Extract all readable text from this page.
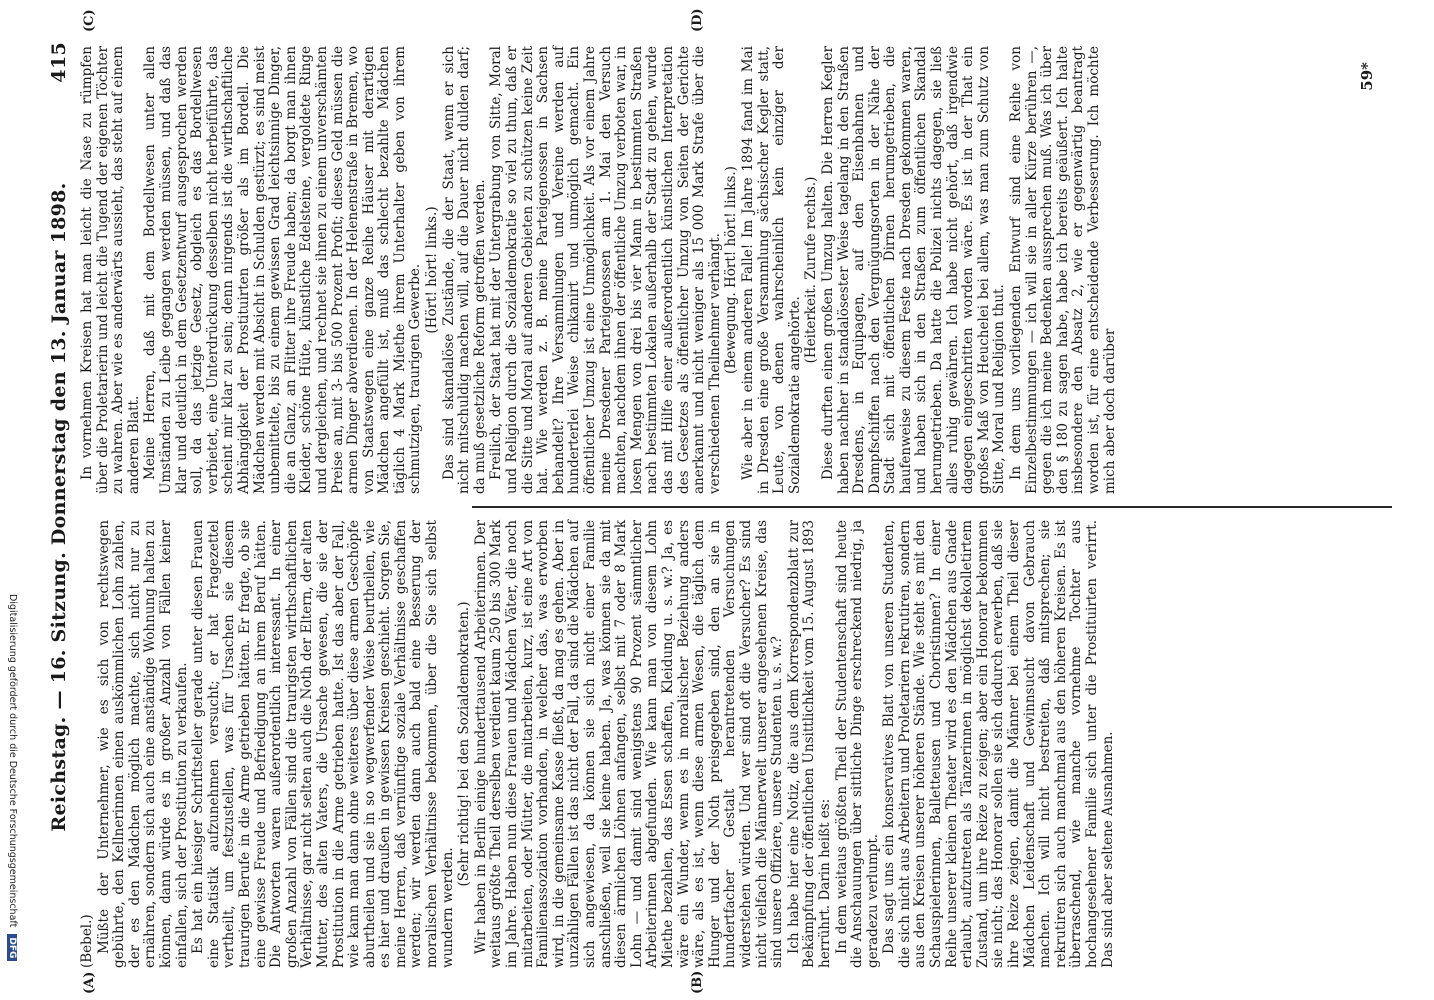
Reichstag. — 16. Sitzung. Donnerstag den 13. Januar 1898.
415
(A)	(B)
(C)	(D)

(Bebel.) Müßte der Unternehmer, wie es sich von rechtswegen gebührte, den Kellnerinnen einen auskömmlichen Lohn zahlen, der es den Mädchen möglich machte, sich nicht nur zu ernähren, sondern sich auch eine anständige Wohnung halten zu können, dann würde es in großer Anzahl von Fällen keiner einfallen, sich der Prostitution zu verkaufen. Es hat ein hiesiger Schriftsteller gerade unter diesen Frauen eine Statistik aufzunehmen versucht; er hat Fragezettel vertheilt, um festzustellen, was für Ursachen sie diesem traurigen Berufe in die Arme getrieben hätten. Er fragte, ob sie eine gewisse Freude und Befriedigung an ihrem Beruf hätten. Die Antworten waren außerordentlich interessant. In einer großen Anzahl von Fällen sind die traurigsten wirthschaftlichen Verhältnisse, gar nicht selten auch die Noth der Eltern, der alten Mutter, des alten Vaters, die Ursache gewesen, die sie der Prostitution in die Arme getrieben hatte. Ist das aber der Fall, wie kann man dann ohne weiteres über diese armen Geschöpfe aburtheilen und sie in so wegwerfender Weise beurtheilen, wie es hier und draußen in gewissen Kreisen geschieht. Sorgen Sie, meine Herren, daß vernünftige soziale Verhältnisse geschaffen werden; wir werden dann auch bald eine Besserung der moralischen Verhältnisse bekommen, über die Sie sich selbst wundern werden.

(Sehr richtig! bei den Sozialdemokraten.) Wir haben in Berlin einige hunderttausend Arbeiterinnen. Der weitaus größte Theil derselben verdient kaum 250 bis 300 Mark im Jahre. Haben nun diese Frauen und Mädchen Väter, die noch mitarbeiten, oder Mütter, die mitarbeiten, kurz, ist eine Art von Familienassoziation vorhanden, in welcher das, was erworben wird, in die gemeinsame Kasse fließt, da mag es gehen. Aber in unzähligen Fällen ist das nicht der Fall, da sind die Mädchen auf sich angewiesen, da können sie sich nicht einer Familie anschließen, weil sie keine haben. Ja, was können sie da mit diesen ärmlichen Löhnen anfangen, selbst mit 7 oder 8 Mark Lohn — und damit sind wenigstens 90 Prozent sämmtlicher Arbeiterinnen abgefunden. Wie kann man von diesem Lohn Miethe bezahlen, das Essen schaffen, Kleidung u. s. w.? Ja, es wäre ein Wunder, wenn es in moralischer Beziehung anders wäre, als es ist, wenn diese armen Wesen, die täglich dem Hunger und der Noth preisgegeben sind, den an sie in hundertfacher Gestalt herantretenden Versuchungen widerstehen würden. Und wer sind oft die Versucher? Es sind nicht vielfach die Männerwelt unserer angesehenen Kreise, das sind unsere Offiziere, unsere Studenten u. s. w.? Ich habe hier eine Notiz, die aus dem Korrespondenzblatt zur Bekämpfung der öffentlichen Unsittlichkeit vom 15. August 1893 herrührt. Darin heißt es: In dem weitaus größten Theil der Studentenschaft sind heute die Anschauungen über sittliche Dinge erschreckend niedrig, ja geradezu verlumpt. Das sagt uns ein konservatives Blatt von unseren Studenten, die sich nicht aus Arbeitern und Proletariern rekrutiren, sondern aus den Kreisen unserer höheren Stände. Wie steht es mit den Schauspielerinnen, Balletteusen und Choristinnen? In einer Reihe unserer kleinen Theater wird es den Mädchen aus Gnade erlaubt, aufzutreten als Tänzerinnen in möglichst dekolletirtem Zustand, um ihre Reize zu zeigen; aber ein Honorar bekommen sie nicht; das Honorar sollen sie sich dadurch erwerben, daß sie ihre Reize zeigen, damit die Männer bei einem Theil dieser Mädchen Leidenschaft und Gewinnsucht davon Gebrauch machen. Ich will nicht bestreiten, daß mitsprechen; sie rekrutiren sich auch manchmal aus den höheren Kreisen. Es ist überraschend, wie manche vornehme Tochter aus hochangesehener Familie sich unter die Prostituirten verirrt. Das sind aber seltene Ausnahmen.

In vornehmen Kreisen hat man leicht die Nase zu rümpfen über die Proletarierin und leicht die Tugend der eigenen Töchter zu wahren. Aber wie es anderwärts aussieht, das steht auf einem anderen Blatt. Meine Herren, daß mit dem Bordellwesen unter allen Umständen zu Leibe gegangen werden müssen, und daß das klar und deutlich in dem Gesetzentwurf ausgesprochen werden soll, da das jetzige Gesetz, obgleich es das Bordellwesen verbietet, eine Unterdrückung desselben nicht herbeiführte, das scheint mir klar zu sein; denn nirgends ist die wirthschaftliche Abhängigkeit der Prostituirten größer als im Bordell. Die Mädchen werden mit Absicht in Schulden gestürzt; es sind meist unbemittelte, bis zu einem gewissen Grad leichtsinnige Dinger, die an Glanz, an Flitter ihre Freude haben; da borgt man ihnen Kleider, schöne Hüte, künstliche Edelsteine, vergoldete Ringe und dergleichen, und rechnet sie ihnen zu einem unverschämten Preise an, mit 3- bis 500 Prozent Profit; dieses Geld müssen die armen Dinger abverdienen. In der Helenenstraße in Bremen, wo von Staatswegen eine ganze Reihe Häuser mit derartigen Mädchen angefüllt ist, muß das schlecht bezahlte Mädchen täglich 4 Mark Miethe ihrem Unterhalter geben von ihrem schmutzigen, traurigen Gewerbe. (Hört! hört! links.) Das sind skandalöse Zustände, die der Staat, wenn er sich nicht mitschuldig machen will, auf die Dauer nicht dulden darf; da muß gesetzliche Reform getroffen werden. Freilich, der Staat hat mit der Untergrabung von Sitte, Moral und Religion durch die Sozialdemokratie so viel zu thun, daß er die Sitte und Moral auf anderen Gebieten zu schützen keine Zeit hat. Wie werden z. B. meine Parteigenossen in Sachsen behandelt? Ihre Versammlungen und Vereine werden auf hunderterlei Weise chikanirt und unmöglich gemacht. Ein öffentlicher Umzug ist eine Unmöglichkeit. Als vor einem Jahre meine Dresdener Parteigenossen am 1. Mai den Versuch machten, nachdem ihnen der öffentliche Umzug verboten war, in losen Mengen von drei bis vier Mann in bestimmten Straßen nach bestimmten Lokalen außerhalb der Stadt zu gehen, wurde das mit Hilfe einer außerordentlich künstlichen Interpretation des Gesetzes als öffentlicher Umzug von Seiten der Gerichte anerkannt und nicht weniger als 15 000 Mark Strafe über die verschiedenen Theilnehmer verhängt. (Bewegung. Hört! hört! links.) Wie aber in einem anderen Falle! Im Jahre 1894 fand im Mai in Dresden eine große Versammlung sächsischer Kegler statt, Leute, von denen wahrscheinlich kein einziger der Sozialdemokratie angehörte.

(Heiterkeit. Zurufe rechts.) Diese durften einen großen Umzug halten. Die Herren Kegler haben nachher in standalösester Weise tagelang in den Straßen Dresdens, in Equipagen, auf den Eisenbahnen und Dampfschiffen nach den Vergnügungsorten in der Nähe der Stadt sich mit öffentlichen Dirnen herumgetrieben, die haufenweise zu diesem Feste nach Dresden gekommen waren, und haben sich in den Straßen zum öffentlichen Skandal herumgetrieben. Da hatte die Polizei nichts dagegen, sie ließ alles ruhig gewähren. Ich habe nicht gehört, daß irgendwie dagegen eingeschritten worden wäre. Es ist in der That ein großes Maß von Heuchelei bei allem, was man zum Schutz von Sitte, Moral und Religion thut. In dem uns vorliegenden Entwurf sind eine Reihe von Einzelbestimmungen — ich will sie in aller Kürze berühren —, gegen die ich meine Bedenken aussprechen muß. Was ich über den § 180 zu sagen habe, habe ich bereits geäußert. Ich halte insbesondere den Absatz 2, wie er gegenwärtig beantragt worden ist, für eine entscheidende Verbesserung. Ich möchte mich aber doch darüber

59*
Digitalisierung gefördert durch die Deutsche Forschungsgemeinschaft DFG
